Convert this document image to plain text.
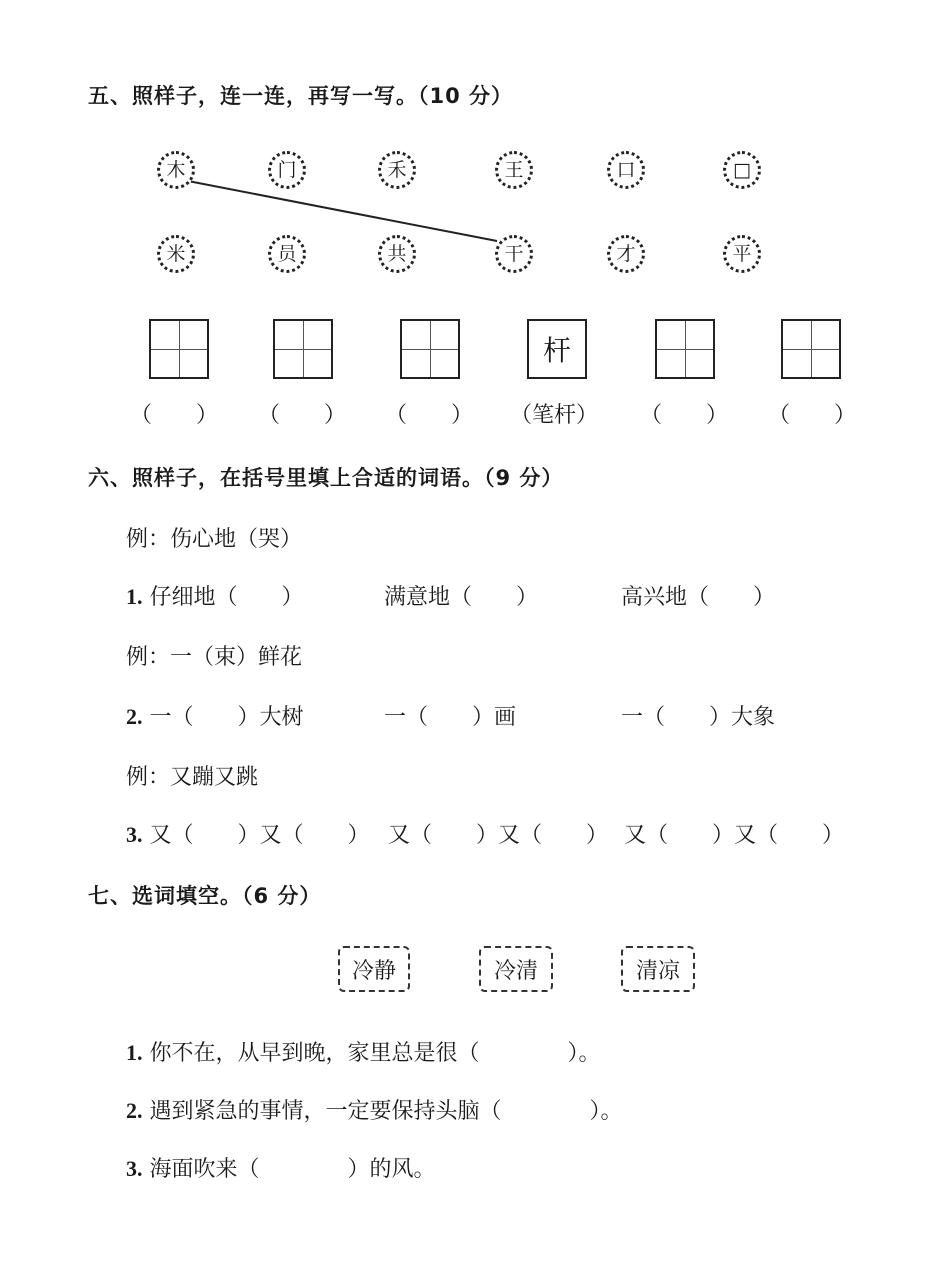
五、照样子，连一连，再写一写。（10 分）
木	门	禾	王	口	□
米	员	共	干	才	平
杆
（　　） （　　） （　　） （笔杆） （　　） （　　）
六、照样子，在括号里填上合适的词语。（9 分）
例：伤心地（哭）
1. 仔细地（　　）	满意地（　　）	高兴地（　　）
例：一（束）鲜花
2. 一（　　）大树	一（　　）画	一（　　）大象
例：又蹦又跳
3. 又（　　）又（　　） 又（　　）又（　　） 又（　　）又（　　）
七、选词填空。（6 分）
冷静	冷清	清凉
1. 你不在，从早到晚，家里总是很（　　　　）。
2. 遇到紧急的事情，一定要保持头脑（　　　　）。
3. 海面吹来（　　　　）的风。
